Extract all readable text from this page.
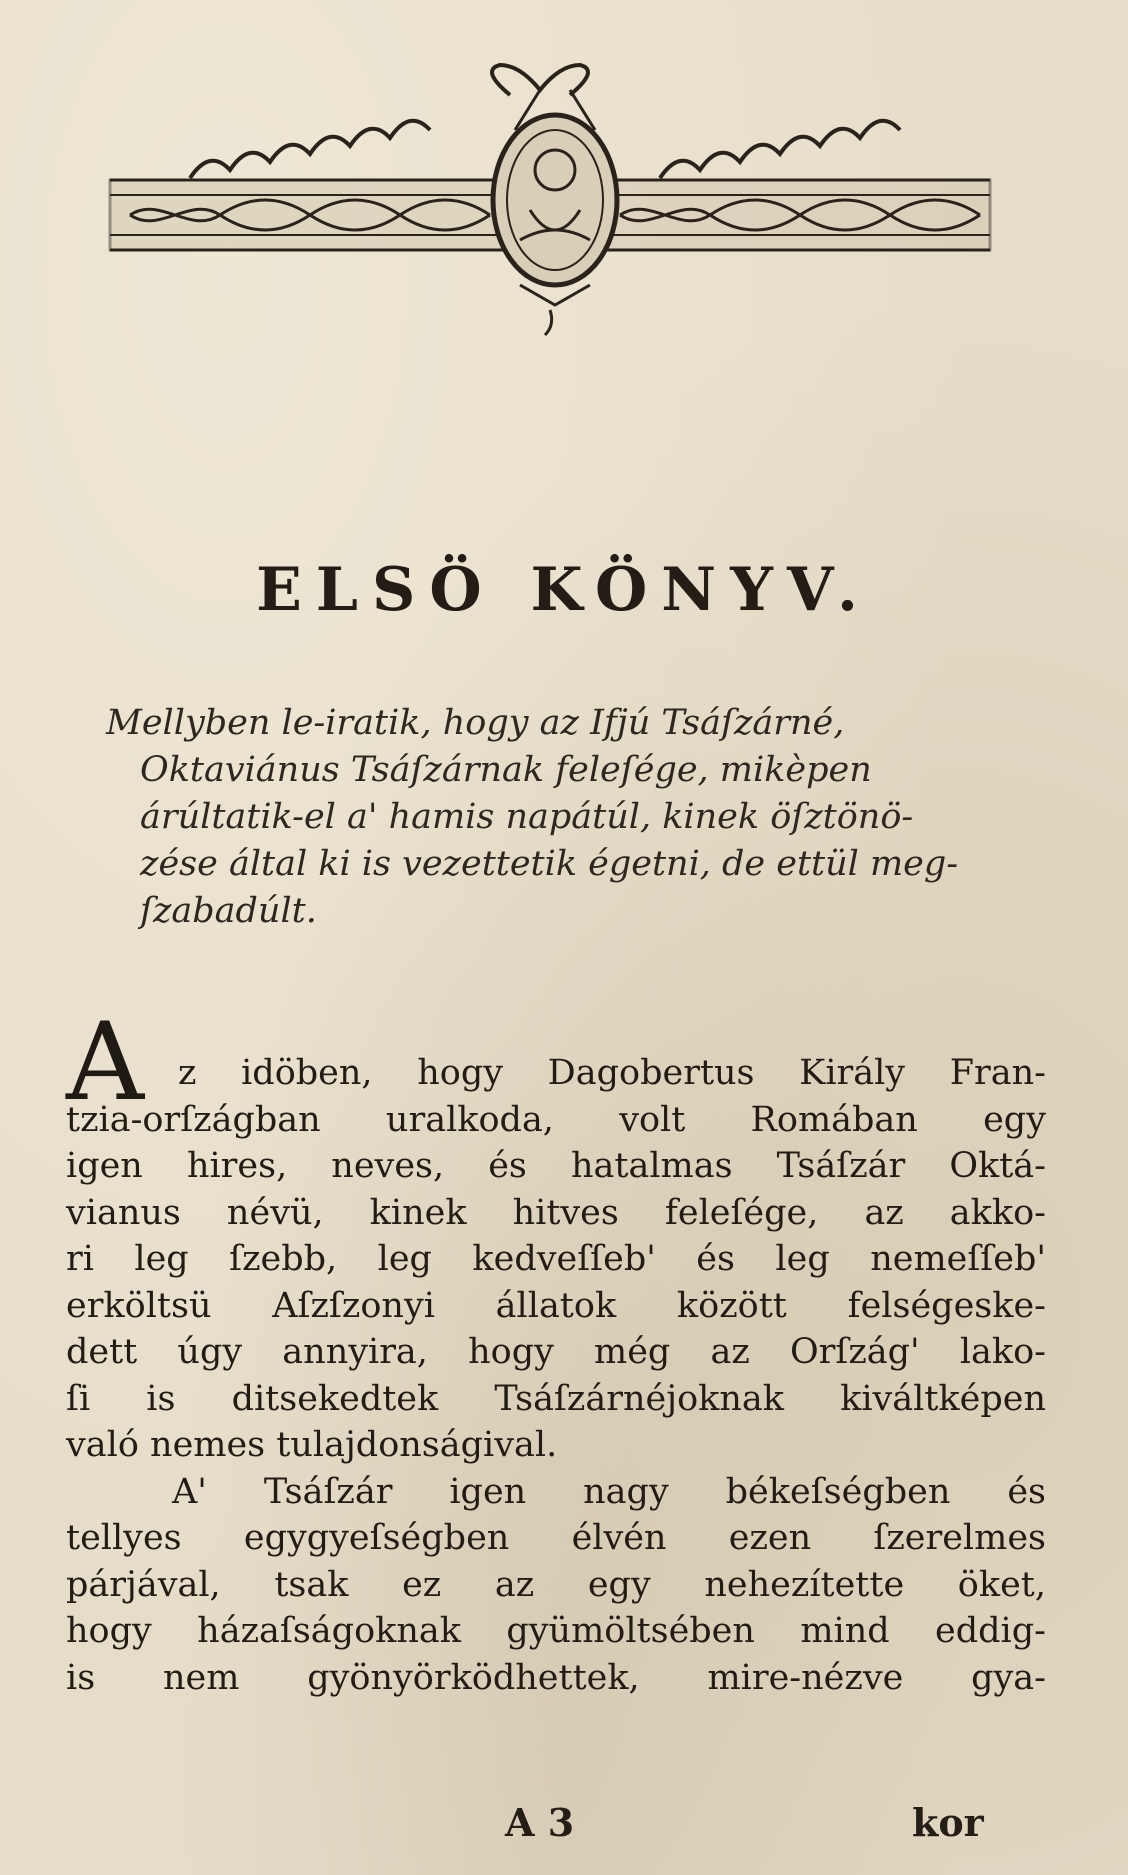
ELSÖ KÖNYV.
Mellyben le-iratik, hogy az Ifjú Tsáſzárné,
Oktaviánus Tsáſzárnak feleſége, mikèpen
árúltatik-el a' hamis napátúl, kinek öſztönö-
zése által ki is vezettetik égetni, de ettül meg-
ſzabadúlt.
A z idöben, hogy Dagobertus Király Fran-
tzia-orſzágban uralkoda, volt Romában egy
igen hires, neves, és hatalmas Tsáſzár Oktá-
vianus névü, kinek hitves feleſége, az akko-
ri leg ſzebb, leg kedveſſeb' és leg nemeſſeb'
erköltsü Aſzſzonyi állatok között felségeske-
dett úgy annyira, hogy még az Orſzág' lako-
ſi is ditsekedtek Tsáſzárnéjoknak kiváltképen
való nemes tulajdonságival.
A' Tsáſzár igen nagy békeſségben és
tellyes egygyeſségben élvén ezen ſzerelmes
párjával, tsak ez az egy nehezítette öket,
hogy házaſságoknak gyümöltsében mind eddig-
is nem gyönyörködhettek, mire-nézve gya-
A 3	kor
